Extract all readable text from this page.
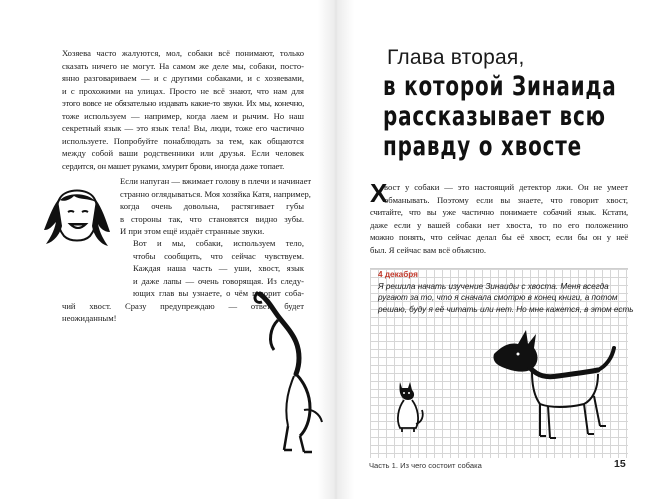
Хозяева часто жалуются, мол, собаки всё понимают, только
сказать ничего не могут. На самом же деле мы, собаки, посто-
янно разговариваем — и с другими собаками, и с хозяевами,
и с прохожими на улицах. Просто не всё знают, что нам для
этого вовсе не обязательно издавать какие-то звуки. Их мы, конечно,
тоже используем — например, когда лаем и рычим. Но наш
секретный язык — это язык тела! Вы, люди, тоже его частично
используете. Попробуйте понаблюдать за тем, как общаются
между собой ваши родственники или друзья. Если человек
сердится, он машет руками, хмурит брови, иногда даже топает.
Если напуган — вжимает голову в плечи и начинает
странно оглядываться. Моя хозяйка Катя, например,
когда очень довольна, растягивает губы
в стороны так, что становятся видно зубы.
И при этом ещё издаёт странные звуки.
Вот и мы, собаки, используем тело,
чтобы сообщить, что сейчас чувствуем.
Каждая наша часть — уши, хвост, язык
и даже лапы — очень говорящая. Из следу-
ющих глав вы узнаете, о чём говорит соба-
чий хвост. Сразу предупреждаю — ответ будет
неожиданным!
Глава вторая,
в которой Зинаида
рассказывает всю
правду о хвосте
Х
вост у собаки — это настоящий детектор лжи. Он не умеет
обманывать. Поэтому если вы знаете, что говорит хвост,
считайте, что вы уже частично понимаете собачий язык. Кстати,
даже если у вашей собаки нет хвоста, то по его положению
можно понять, что сейчас делал бы её хвост, если бы он у неё
был. Я сейчас вам всё объясню.
4 декабря
Я решила начать изучение Зинаиды с хвоста. Меня всегда
ругают за то, что я сначала смотрю в конец книги, а потом
решаю, буду я её читать или нет. Но мне кажется, в этом есть
Часть 1. Из чего состоит собака	15
